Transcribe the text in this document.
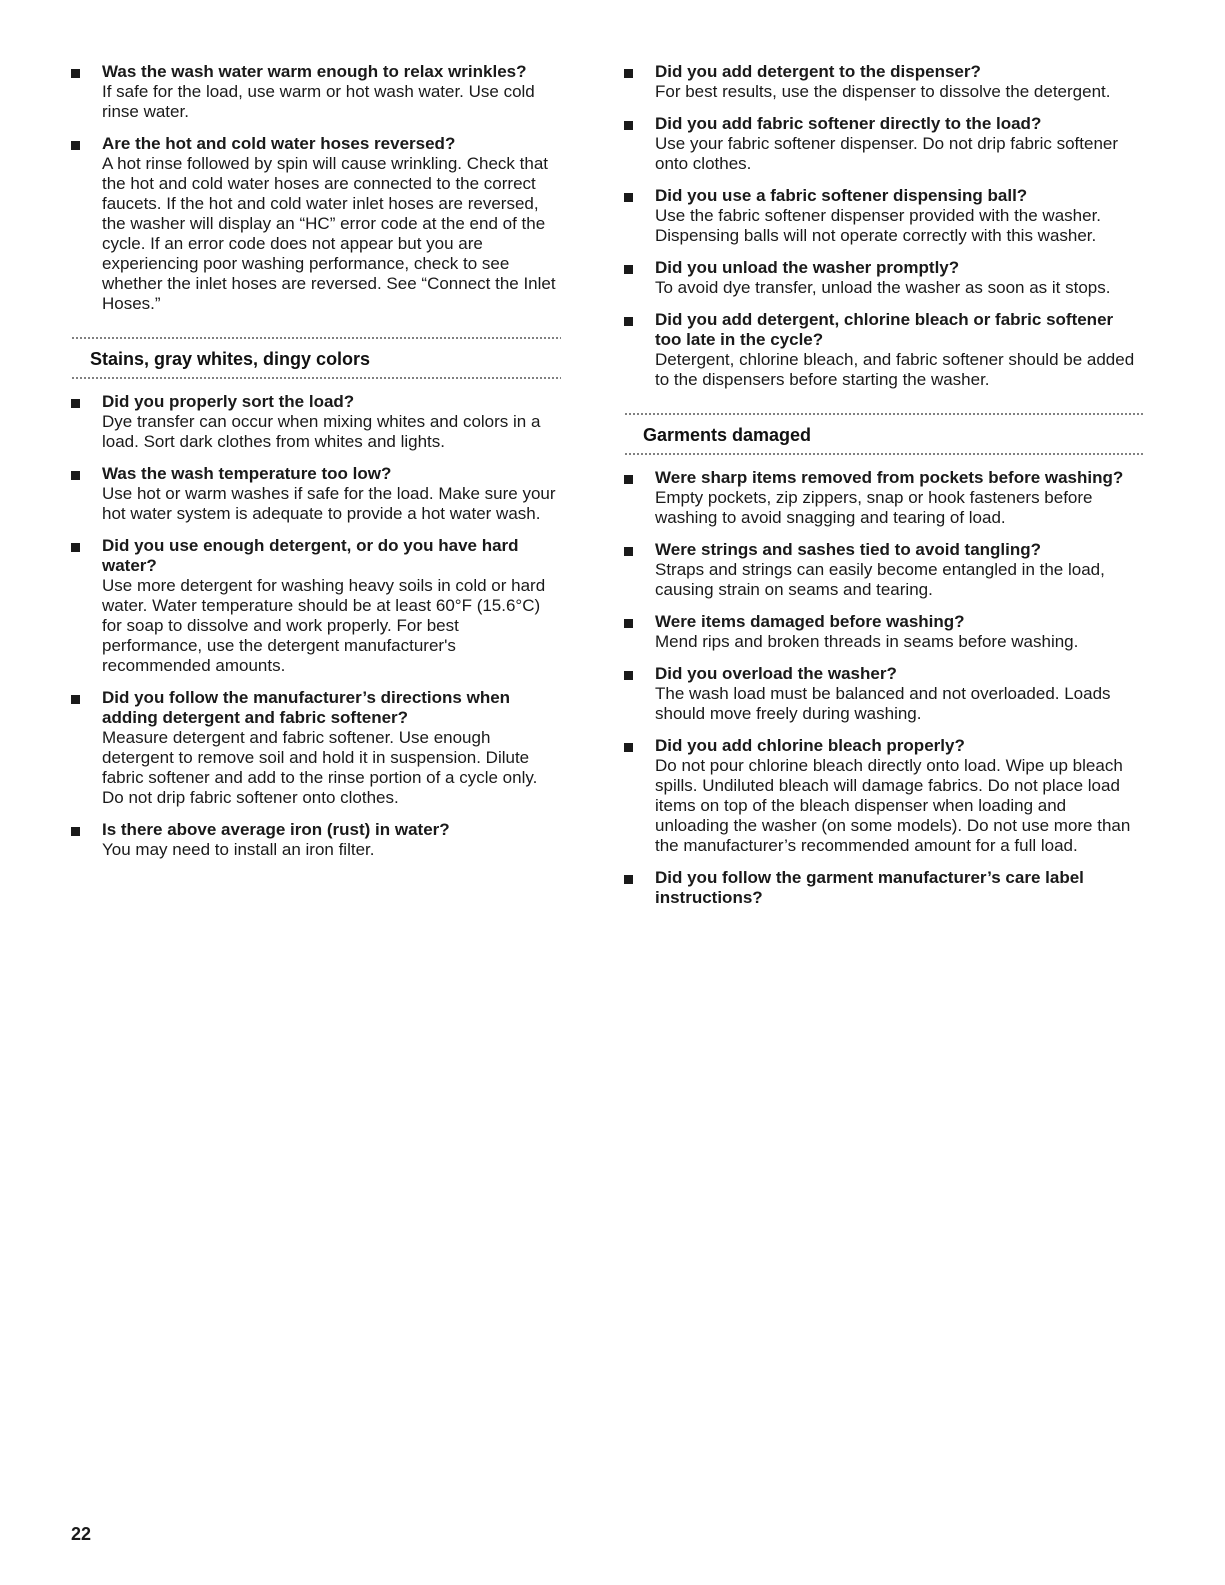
Was the wash water warm enough to relax wrinkles?
If safe for the load, use warm or hot wash water. Use cold rinse water.
Are the hot and cold water hoses reversed?
A hot rinse followed by spin will cause wrinkling. Check that the hot and cold water hoses are connected to the correct faucets. If the hot and cold water inlet hoses are reversed, the washer will display an “HC” error code at the end of the cycle. If an error code does not appear but you are experiencing poor washing performance, check to see whether the inlet hoses are reversed. See “Connect the Inlet Hoses.”
Stains, gray whites, dingy colors
Did you properly sort the load?
Dye transfer can occur when mixing whites and colors in a load. Sort dark clothes from whites and lights.
Was the wash temperature too low?
Use hot or warm washes if safe for the load. Make sure your hot water system is adequate to provide a hot water wash.
Did you use enough detergent, or do you have hard water?
Use more detergent for washing heavy soils in cold or hard water. Water temperature should be at least 60°F (15.6°C) for soap to dissolve and work properly. For best performance, use the detergent manufacturer's recommended amounts.
Did you follow the manufacturer’s directions when adding detergent and fabric softener?
Measure detergent and fabric softener. Use enough detergent to remove soil and hold it in suspension. Dilute fabric softener and add to the rinse portion of a cycle only. Do not drip fabric softener onto clothes.
Is there above average iron (rust) in water?
You may need to install an iron filter.
Did you add detergent to the dispenser?
For best results, use the dispenser to dissolve the detergent.
Did you add fabric softener directly to the load?
Use your fabric softener dispenser. Do not drip fabric softener onto clothes.
Did you use a fabric softener dispensing ball?
Use the fabric softener dispenser provided with the washer. Dispensing balls will not operate correctly with this washer.
Did you unload the washer promptly?
To avoid dye transfer, unload the washer as soon as it stops.
Did you add detergent, chlorine bleach or fabric softener too late in the cycle?
Detergent, chlorine bleach, and fabric softener should be added to the dispensers before starting the washer.
Garments damaged
Were sharp items removed from pockets before washing?
Empty pockets, zip zippers, snap or hook fasteners before washing to avoid snagging and tearing of load.
Were strings and sashes tied to avoid tangling?
Straps and strings can easily become entangled in the load, causing strain on seams and tearing.
Were items damaged before washing?
Mend rips and broken threads in seams before washing.
Did you overload the washer?
The wash load must be balanced and not overloaded. Loads should move freely during washing.
Did you add chlorine bleach properly?
Do not pour chlorine bleach directly onto load. Wipe up bleach spills. Undiluted bleach will damage fabrics. Do not place load items on top of the bleach dispenser when loading and unloading the washer (on some models). Do not use more than the manufacturer’s recommended amount for a full load.
Did you follow the garment manufacturer’s care label instructions?
22
